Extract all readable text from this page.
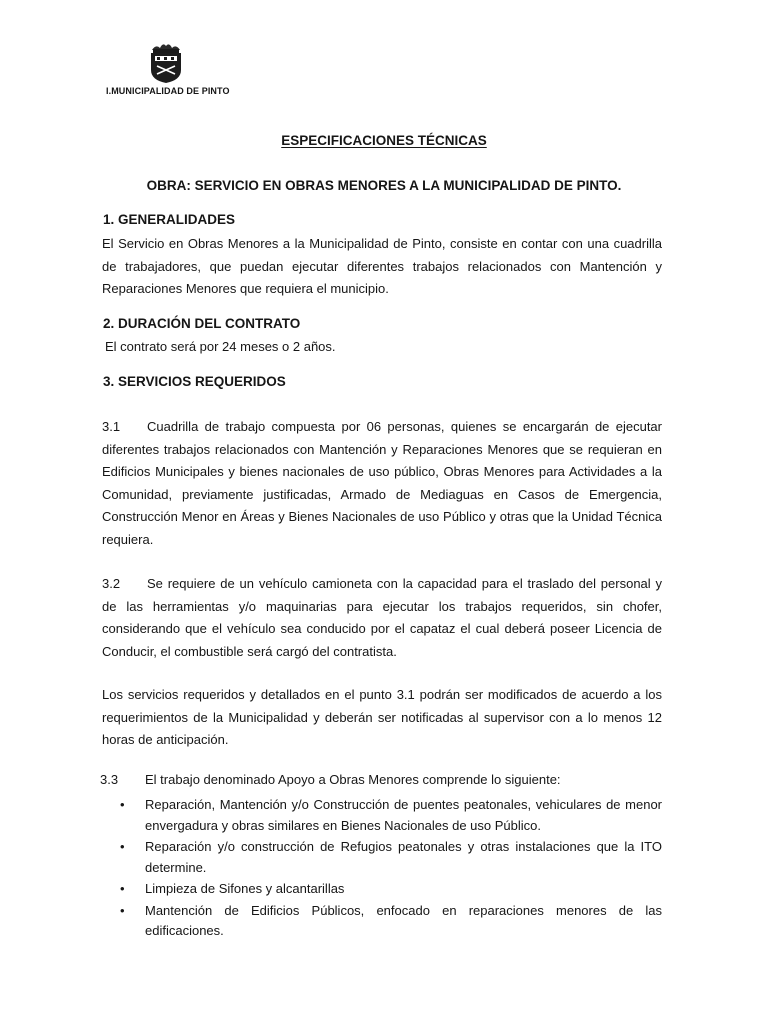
I.MUNICIPALIDAD DE PINTO
ESPECIFICACIONES TÉCNICAS
OBRA: SERVICIO EN OBRAS MENORES A LA MUNICIPALIDAD DE PINTO.
1. GENERALIDADES
El Servicio en Obras Menores a la Municipalidad de Pinto, consiste en contar con una cuadrilla de trabajadores, que puedan ejecutar diferentes trabajos relacionados con Mantención y Reparaciones Menores que requiera el municipio.
2. DURACIÓN DEL CONTRATO
El contrato será por 24 meses o 2 años.
3. SERVICIOS REQUERIDOS
3.1 Cuadrilla de trabajo compuesta por 06 personas, quienes se encargarán de ejecutar diferentes trabajos relacionados con Mantención y Reparaciones Menores que se requieran en Edificios Municipales y bienes nacionales de uso público, Obras Menores para Actividades a la Comunidad, previamente justificadas, Armado de Mediaguas en Casos de Emergencia, Construcción Menor en Áreas y Bienes Nacionales de uso Público y otras que la Unidad Técnica requiera.
3.2 Se requiere de un vehículo camioneta con la capacidad para el traslado del personal y de las herramientas y/o maquinarias para ejecutar los trabajos requeridos, sin chofer, considerando que el vehículo sea conducido por el capataz el cual deberá poseer Licencia de Conducir, el combustible será cargó del contratista.
Los servicios requeridos y detallados en el punto 3.1 podrán ser modificados de acuerdo a los requerimientos de la Municipalidad y deberán ser notificadas al supervisor con a lo menos 12 horas de anticipación.
3.3 El trabajo denominado Apoyo a Obras Menores comprende lo siguiente:
• Reparación, Mantención y/o Construcción de puentes peatonales, vehiculares de menor envergadura y obras similares en Bienes Nacionales de uso Público.
• Reparación y/o construcción de Refugios peatonales y otras instalaciones que la ITO determine.
• Limpieza de Sifones y alcantarillas
• Mantención de Edificios Públicos, enfocado en reparaciones menores de las edificaciones.
